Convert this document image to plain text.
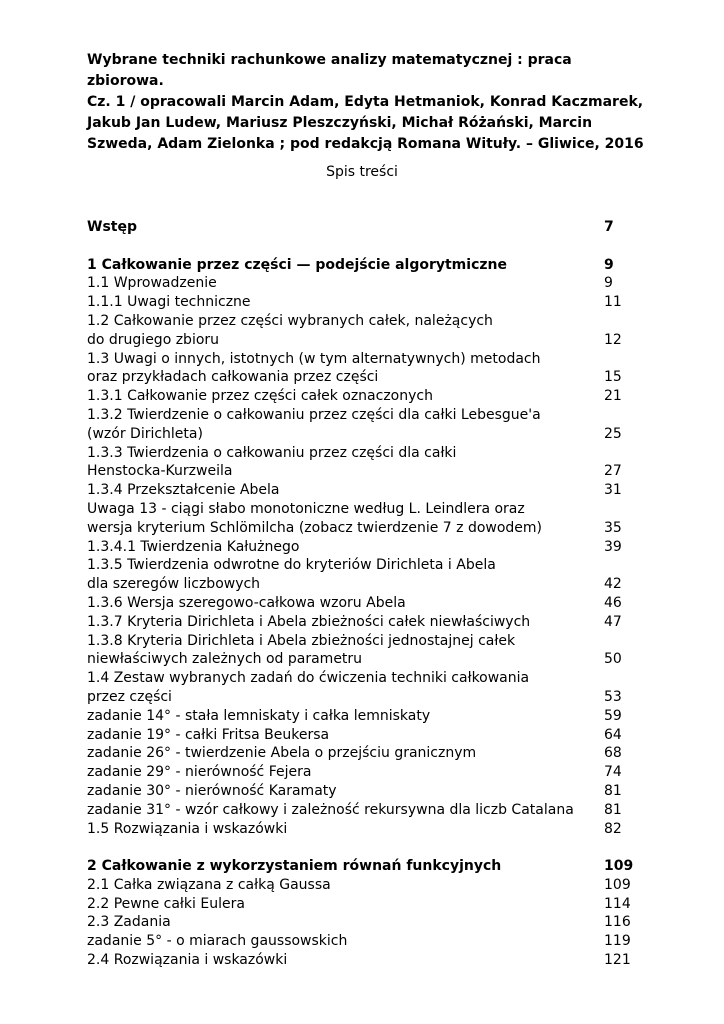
Wybrane techniki rachunkowe analizy matematycznej : praca zbiorowa.
Cz. 1 / opracowali Marcin Adam, Edyta Hetmaniok, Konrad Kaczmarek,
Jakub Jan Ludew, Mariusz Pleszczyński, Michał Różański, Marcin
Szweda, Adam Zielonka ; pod redakcją Romana Wituły. – Gliwice, 2016
Spis treści
Wstęp	7
1 Całkowanie przez części — podejście algorytmiczne	9
1.1 Wprowadzenie	9
1.1.1 Uwagi techniczne	11
1.2 Całkowanie przez części wybranych całek, należących
do drugiego zbioru	12
1.3 Uwagi o innych, istotnych (w tym alternatywnych) metodach
oraz przykładach całkowania przez części	15
1.3.1 Całkowanie przez części całek oznaczonych	21
1.3.2 Twierdzenie o całkowaniu przez części dla całki Lebesgue'a
(wzór Dirichleta)	25
1.3.3 Twierdzenia o całkowaniu przez części dla całki
Henstocka-Kurzweila	27
1.3.4 Przekształcenie Abela	31
Uwaga 13 - ciągi słabo monotoniczne według L. Leindlera oraz
wersja kryterium Schlömilcha (zobacz twierdzenie 7 z dowodem)	35
1.3.4.1 Twierdzenia Kałużnego	39
1.3.5 Twierdzenia odwrotne do kryteriów Dirichleta i Abela
dla szeregów liczbowych	42
1.3.6 Wersja szeregowo-całkowa wzoru Abela	46
1.3.7 Kryteria Dirichleta i Abela zbieżności całek niewłaściwych	47
1.3.8 Kryteria Dirichleta i Abela zbieżności jednostajnej całek
niewłaściwych zależnych od parametru	50
1.4 Zestaw wybranych zadań do ćwiczenia techniki całkowania
przez części	53
zadanie 14° - stała lemniskaty i całka lemniskaty	59
zadanie 19° - całki Fritsa Beukersa	64
zadanie 26° - twierdzenie Abela o przejściu granicznym	68
zadanie 29° - nierówność Fejera	74
zadanie 30° - nierówność Karamaty	81
zadanie 31° - wzór całkowy i zależność rekursywna dla liczb Catalana 81
1.5 Rozwiązania i wskazówki	82
2 Całkowanie z wykorzystaniem równań funkcyjnych	109
2.1 Całka związana z całką Gaussa	109
2.2 Pewne całki Eulera	114
2.3 Zadania	116
zadanie 5° - o miarach gaussowskich	119
2.4 Rozwiązania i wskazówki	121
